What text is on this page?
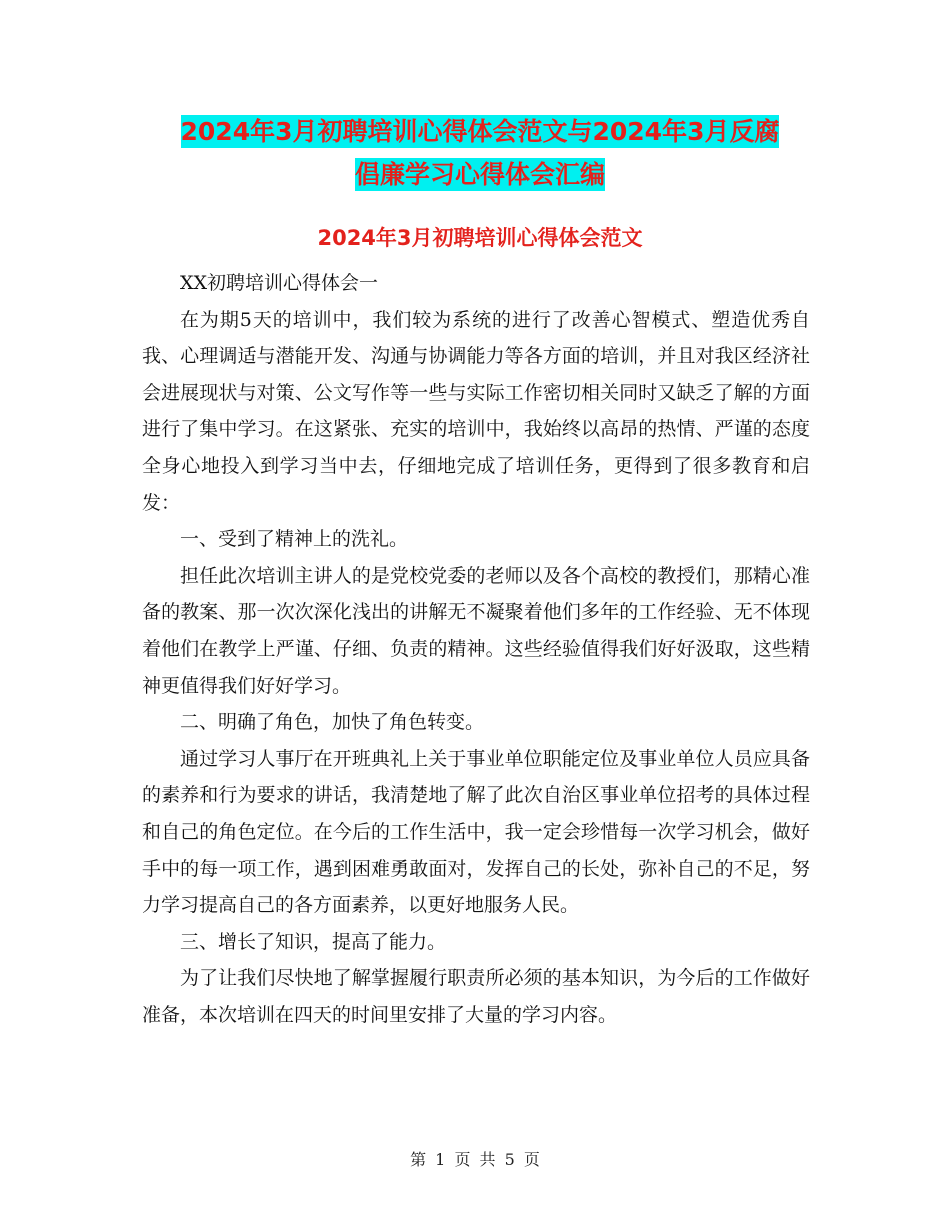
2024年3月初聘培训心得体会范文与2024年3月反腐
倡廉学习心得体会汇编
2024年3月初聘培训心得体会范文

XX初聘培训心得体会一

在为期5天的培训中，我们较为系统的进行了改善心智模式、塑造优秀自我、心理调适与潜能开发、沟通与协调能力等各方面的培训，并且对我区经济社会进展现状与对策、公文写作等一些与实际工作密切相关同时又缺乏了解的方面进行了集中学习。在这紧张、充实的培训中，我始终以高昂的热情、严谨的态度全身心地投入到学习当中去，仔细地完成了培训任务，更得到了很多教育和启发：

一、受到了精神上的洗礼。

担任此次培训主讲人的是党校党委的老师以及各个高校的教授们，那精心准备的教案、那一次次深化浅出的讲解无不凝聚着他们多年的工作经验、无不体现着他们在教学上严谨、仔细、负责的精神。这些经验值得我们好好汲取，这些精神更值得我们好好学习。

二、明确了角色，加快了角色转变。

通过学习人事厅在开班典礼上关于事业单位职能定位及事业单位人员应具备的素养和行为要求的讲话，我清楚地了解了此次自治区事业单位招考的具体过程和自己的角色定位。在今后的工作生活中，我一定会珍惜每一次学习机会，做好手中的每一项工作，遇到困难勇敢面对，发挥自己的长处，弥补自己的不足，努力学习提高自己的各方面素养，以更好地服务人民。

三、增长了知识，提高了能力。

为了让我们尽快地了解掌握履行职责所必须的基本知识，为今后的工作做好准备，本次培训在四天的时间里安排了大量的学习内容。

第 1 页 共 5 页
